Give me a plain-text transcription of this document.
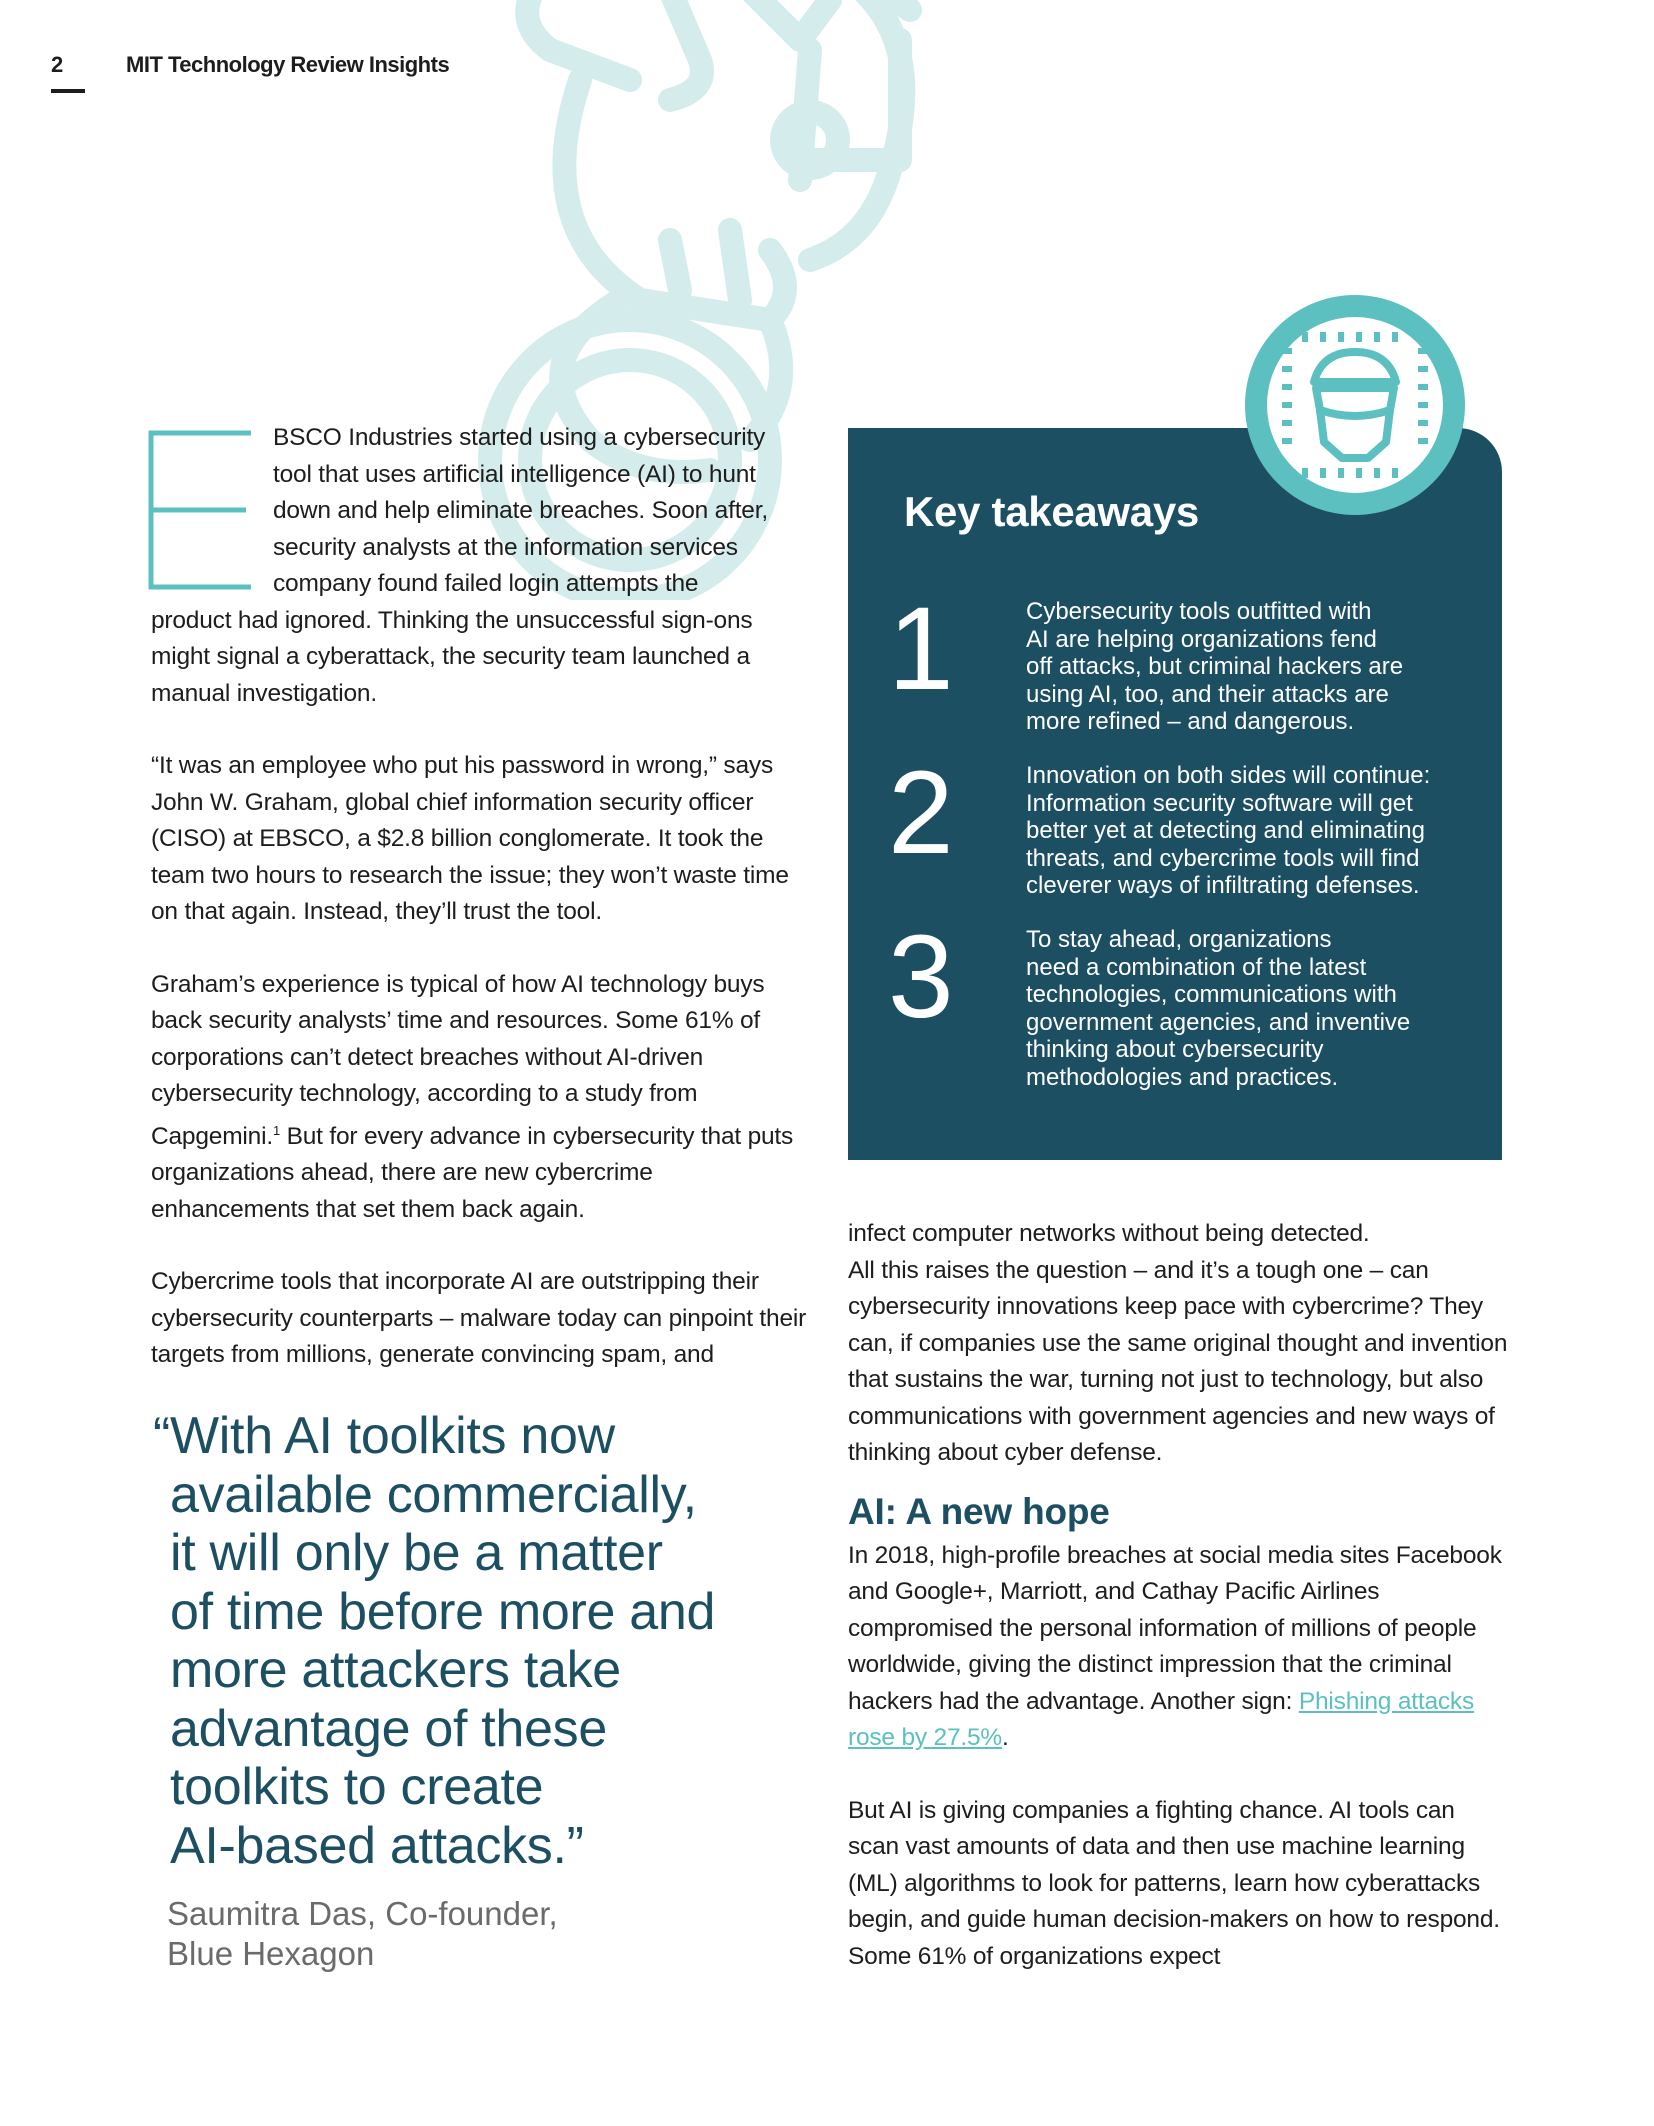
2	MIT Technology Review Insights
BSCO Industries started using a cybersecurity
tool that uses artificial intelligence (AI) to hunt
down and help eliminate breaches. Soon after,
security analysts at the information services
company found failed login attempts the
product had ignored. Thinking the unsuccessful sign-ons might signal a cyberattack, the security team launched a manual investigation.

“It was an employee who put his password in wrong,” says John W. Graham, global chief information security officer (CISO) at EBSCO, a $2.8 billion conglomerate. It took the team two hours to research the issue; they won’t waste time on that again. Instead, they’ll trust the tool.

Graham’s experience is typical of how AI technology buys back security analysts’ time and resources. Some 61% of corporations can’t detect breaches without AI-driven cybersecurity technology, according to a study from Capgemini.$^1$ But for every advance in cybersecurity that puts organizations ahead, there are new cybercrime enhancements that set them back again.

Cybercrime tools that incorporate AI are outstripping their cybersecurity counterparts – malware today can pinpoint their targets from millions, generate convincing spam, and

“With AI toolkits now
available commercially,
it will only be a matter
of time before more and
more attackers take
advantage of these
toolkits to create
AI-based attacks.”
Saumitra Das, Co-founder,
Blue Hexagon
Key takeaways
1	Cybersecurity tools outfitted with
AI are helping organizations fend
off attacks, but criminal hackers are
using AI, too, and their attacks are
more refined – and dangerous.
2	Innovation on both sides will continue:
Information security software will get
better yet at detecting and eliminating
threats, and cybercrime tools will find
cleverer ways of infiltrating defenses.
3	To stay ahead, organizations
need a combination of the latest
technologies, communications with
government agencies, and inventive
thinking about cybersecurity
methodologies and practices.

infect computer networks without being detected.

All this raises the question – and it’s a tough one – can cybersecurity innovations keep pace with cybercrime? They can, if companies use the same original thought and invention that sustains the war, turning not just to technology, but also communications with government agencies and new ways of thinking about cyber defense.

AI: A new hope

In 2018, high-profile breaches at social media sites Facebook and Google+, Marriott, and Cathay Pacific Airlines compromised the personal information of millions of people worldwide, giving the distinct impression that the criminal hackers had the advantage. Another sign: Phishing attacks rose by 27.5%.

But AI is giving companies a fighting chance. AI tools can scan vast amounts of data and then use machine learning (ML) algorithms to look for patterns, learn how cyberattacks begin, and guide human decision-makers on how to respond. Some 61% of organizations expect
